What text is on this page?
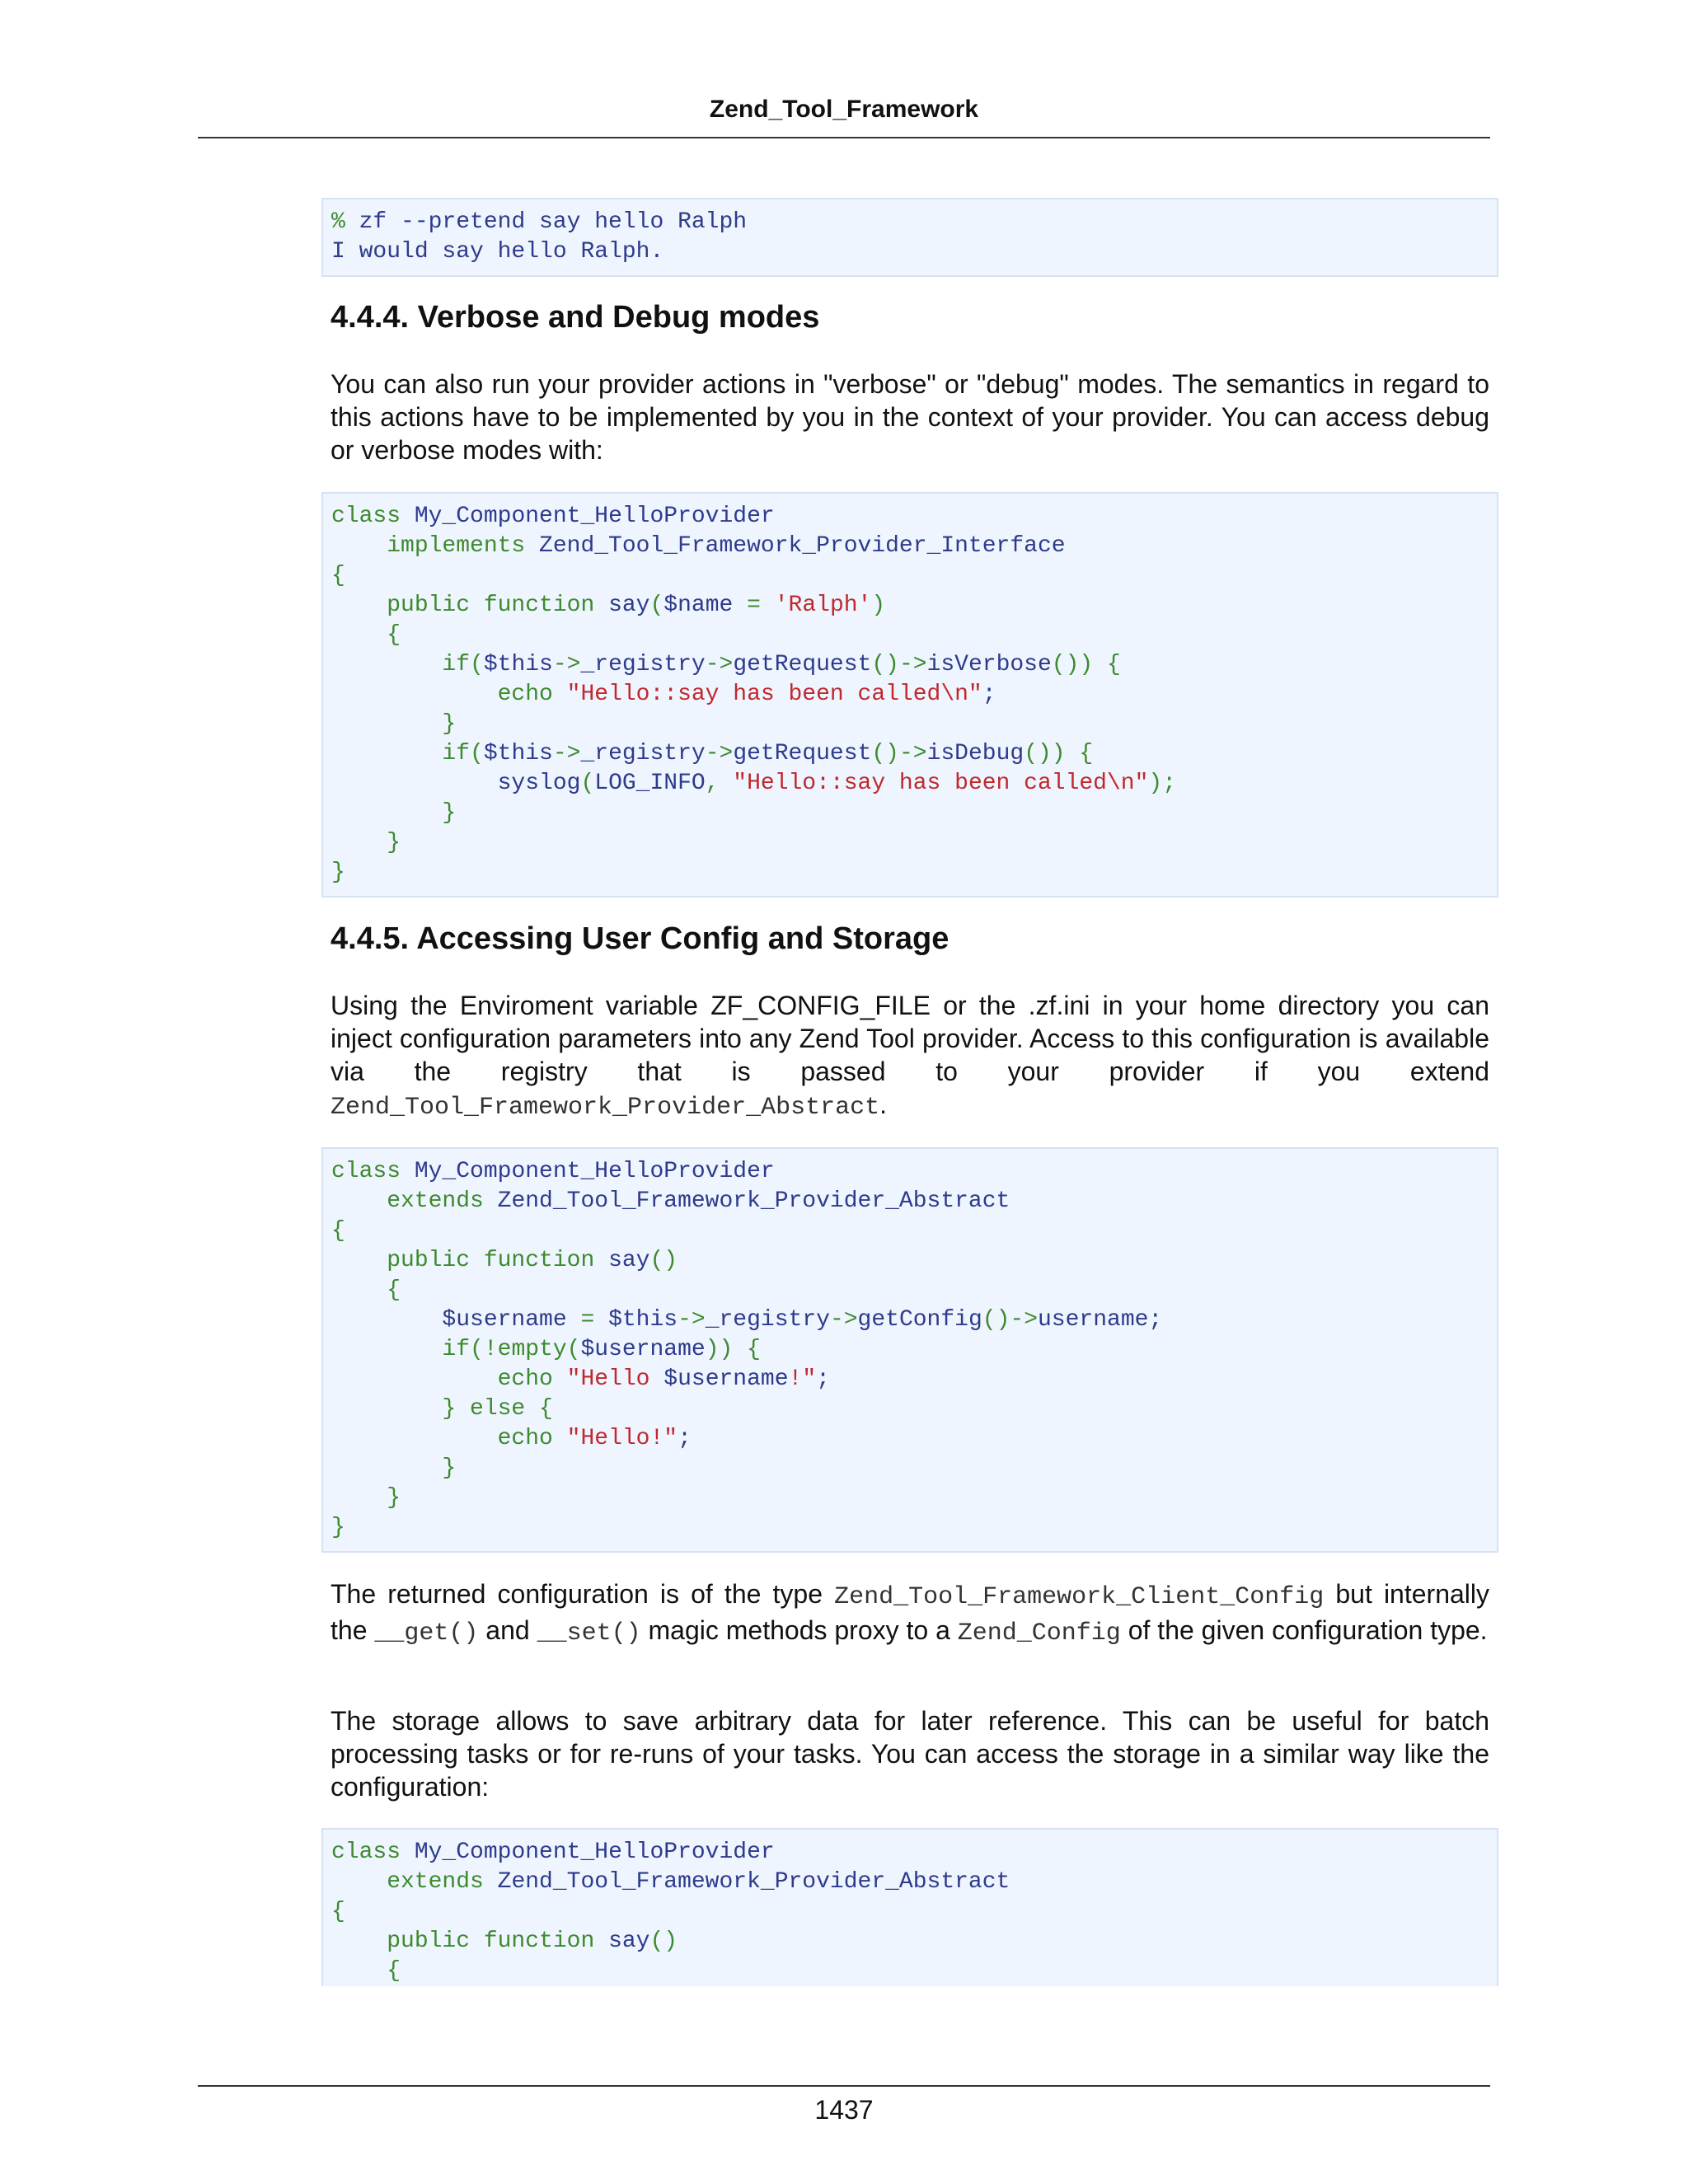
Zend_Tool_Framework
% zf --pretend say hello Ralph
I would say hello Ralph.
4.4.4. Verbose and Debug modes
You can also run your provider actions in "verbose" or "debug" modes. The semantics in regard to this actions have to be implemented by you in the context of your provider. You can access debug or verbose modes with:
class My_Component_HelloProvider
implements Zend_Tool_Framework_Provider_Interface
{
public function say($name = 'Ralph')
{
if($this->_registry->getRequest()->isVerbose()) {
echo "Hello::say has been called\n";
}
if($this->_registry->getRequest()->isDebug()) {
syslog(LOG_INFO, "Hello::say has been called\n");
}
}
}
4.4.5. Accessing User Config and Storage
Using the Enviroment variable ZF_CONFIG_FILE or the .zf.ini in your home directory you can inject configuration parameters into any Zend Tool provider. Access to this configuration is available via the registry that is passed to your provider if you extend Zend_Tool_Framework_Provider_Abstract.
class My_Component_HelloProvider
extends Zend_Tool_Framework_Provider_Abstract
{
public function say()
{
$username = $this->_registry->getConfig()->username;
if(!empty($username)) {
echo "Hello $username!";
} else {
echo "Hello!";
}
}
}
The returned configuration is of the type Zend_Tool_Framework_Client_Config but internally the __get() and __set() magic methods proxy to a Zend_Config of the given configuration type.
The storage allows to save arbitrary data for later reference. This can be useful for batch processing tasks or for re-runs of your tasks. You can access the storage in a similar way like the configuration:
class My_Component_HelloProvider
extends Zend_Tool_Framework_Provider_Abstract
{
public function say()
{
1437
